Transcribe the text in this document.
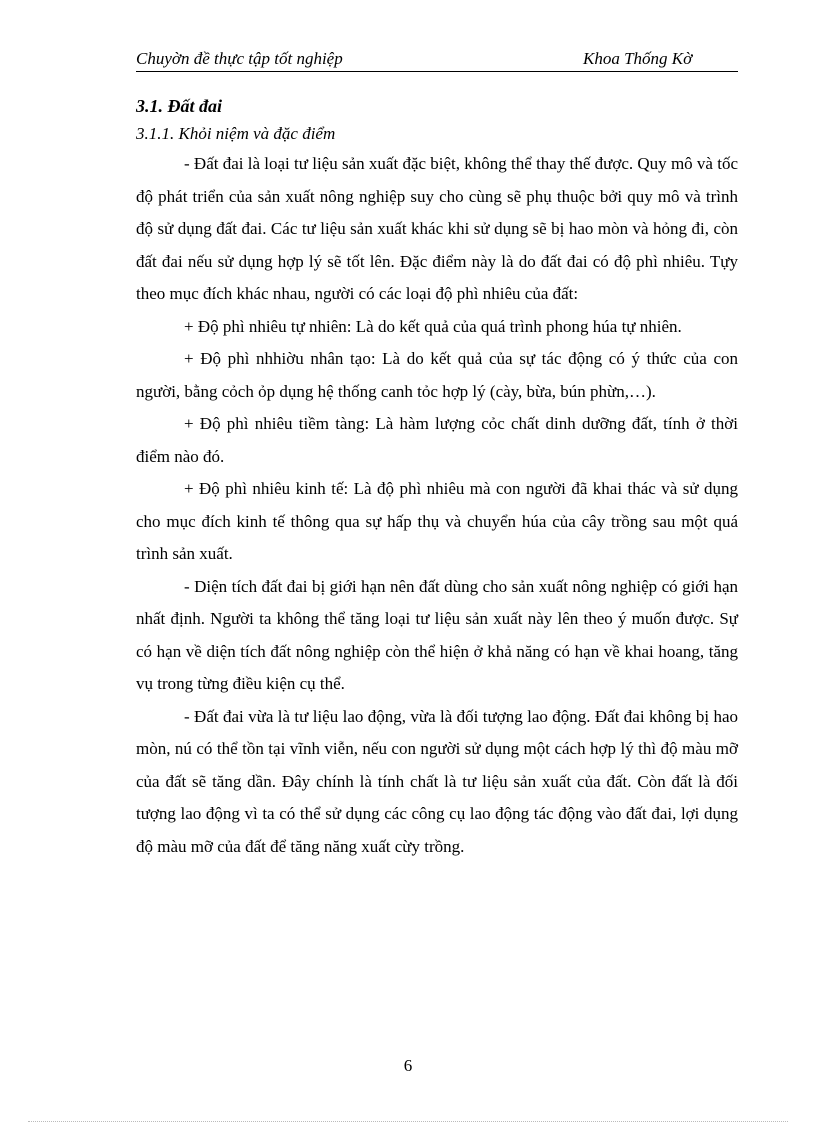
Chuyờn đề thực tập tốt nghiệp	Khoa Thống Kờ
3.1. Đất đai
3.1.1. Khỏi niệm và đặc điểm

- Đất đai là loại tư liệu sản xuất đặc biệt, không thể thay thế được. Quy mô và tốc độ phát triển của sản xuất nông nghiệp suy cho cùng sẽ phụ thuộc bởi quy mô và trình độ sử dụng đất đai. Các tư liệu sản xuất khác khi sử dụng sẽ bị hao mòn và hỏng đi, còn đất đai nếu sử dụng hợp lý sẽ tốt lên. Đặc điểm này là do đất đai có độ phì nhiêu. Tựy theo mục đích khác nhau, người có các loại độ phì nhiêu của đất:

+ Độ phì nhiêu tự nhiên: Là do kết quả của quá trình phong húa tự nhiên.

+ Độ phì nhhiờu nhân tạo: Là do kết quả của sự tác động có ý thức của con người, bằng cỏch ỏp dụng hệ thống canh tỏc hợp lý (cày, bừa, bún phừn,…).

+ Độ phì nhiêu tiềm tàng: Là hàm lượng cỏc chất dinh dưỡng đất, tính ở thời điểm nào đó.

+ Độ phì nhiêu kinh tế: Là độ phì nhiêu mà con người đã khai thác và sử dụng cho mục đích kinh tế thông qua sự hấp thụ và chuyển húa của cây trồng sau một quá trình sản xuất.

- Diện tích đất đai bị giới hạn nên đất dùng cho sản xuất nông nghiệp có giới hạn nhất định. Người ta không thể tăng loại tư liệu sản xuất này lên theo ý muốn được. Sự có hạn về diện tích đất nông nghiệp còn thể hiện ở khả năng có hạn về khai hoang, tăng vụ trong từng điều kiện cụ thể.

- Đất đai vừa là tư liệu lao động, vừa là đối tượng lao động. Đất đai không bị hao mòn, nú có thể tồn tại vĩnh viễn, nếu con người sử dụng một cách hợp lý thì độ màu mỡ của đất sẽ tăng dần. Đây chính là tính chất là tư liệu sản xuất của đất. Còn đất là đối tượng lao động vì ta có thể sử dụng các công cụ lao động tác động vào đất đai, lợi dụng độ màu mỡ của đất để tăng năng xuất cừy trồng.

6
